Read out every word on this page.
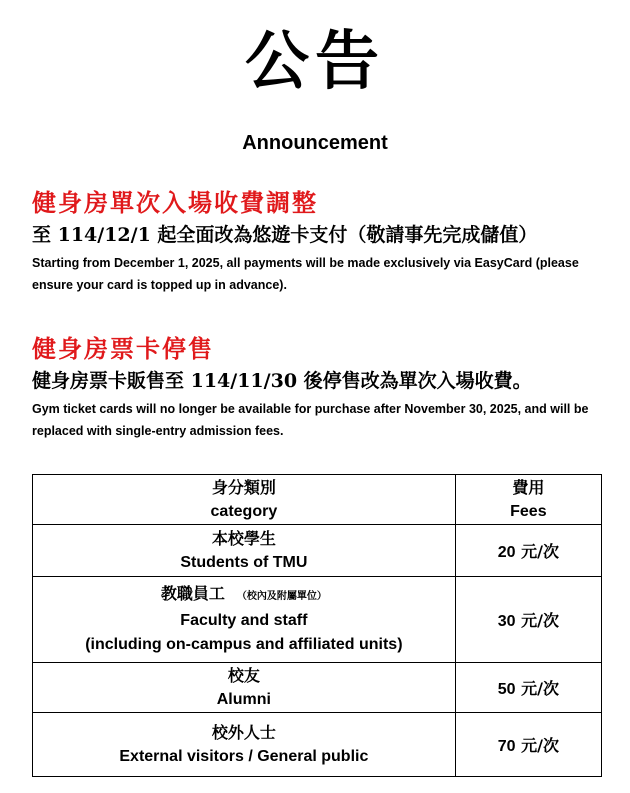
公告
Announcement
健身房單次入場收費調整
至 114/12/1 起全面改為悠遊卡支付（敬請事先完成儲值）
Starting from December 1, 2025, all payments will be made exclusively via EasyCard (please ensure your card is topped up in advance).
健身房票卡停售
健身房票卡販售至 114/11/30 後停售改為單次入場收費。
Gym ticket cards will no longer be available for purchase after November 30, 2025, and will be replaced with single-entry admission fees.
身分類別
category	費用
Fees

本校學生
Students of TMU	20 元/次

教職員工 （校內及附屬單位）
Faculty and staff
(including on-campus and affiliated units)	30 元/次

校友
Alumni	50 元/次

校外人士
External visitors / General public	70 元/次
